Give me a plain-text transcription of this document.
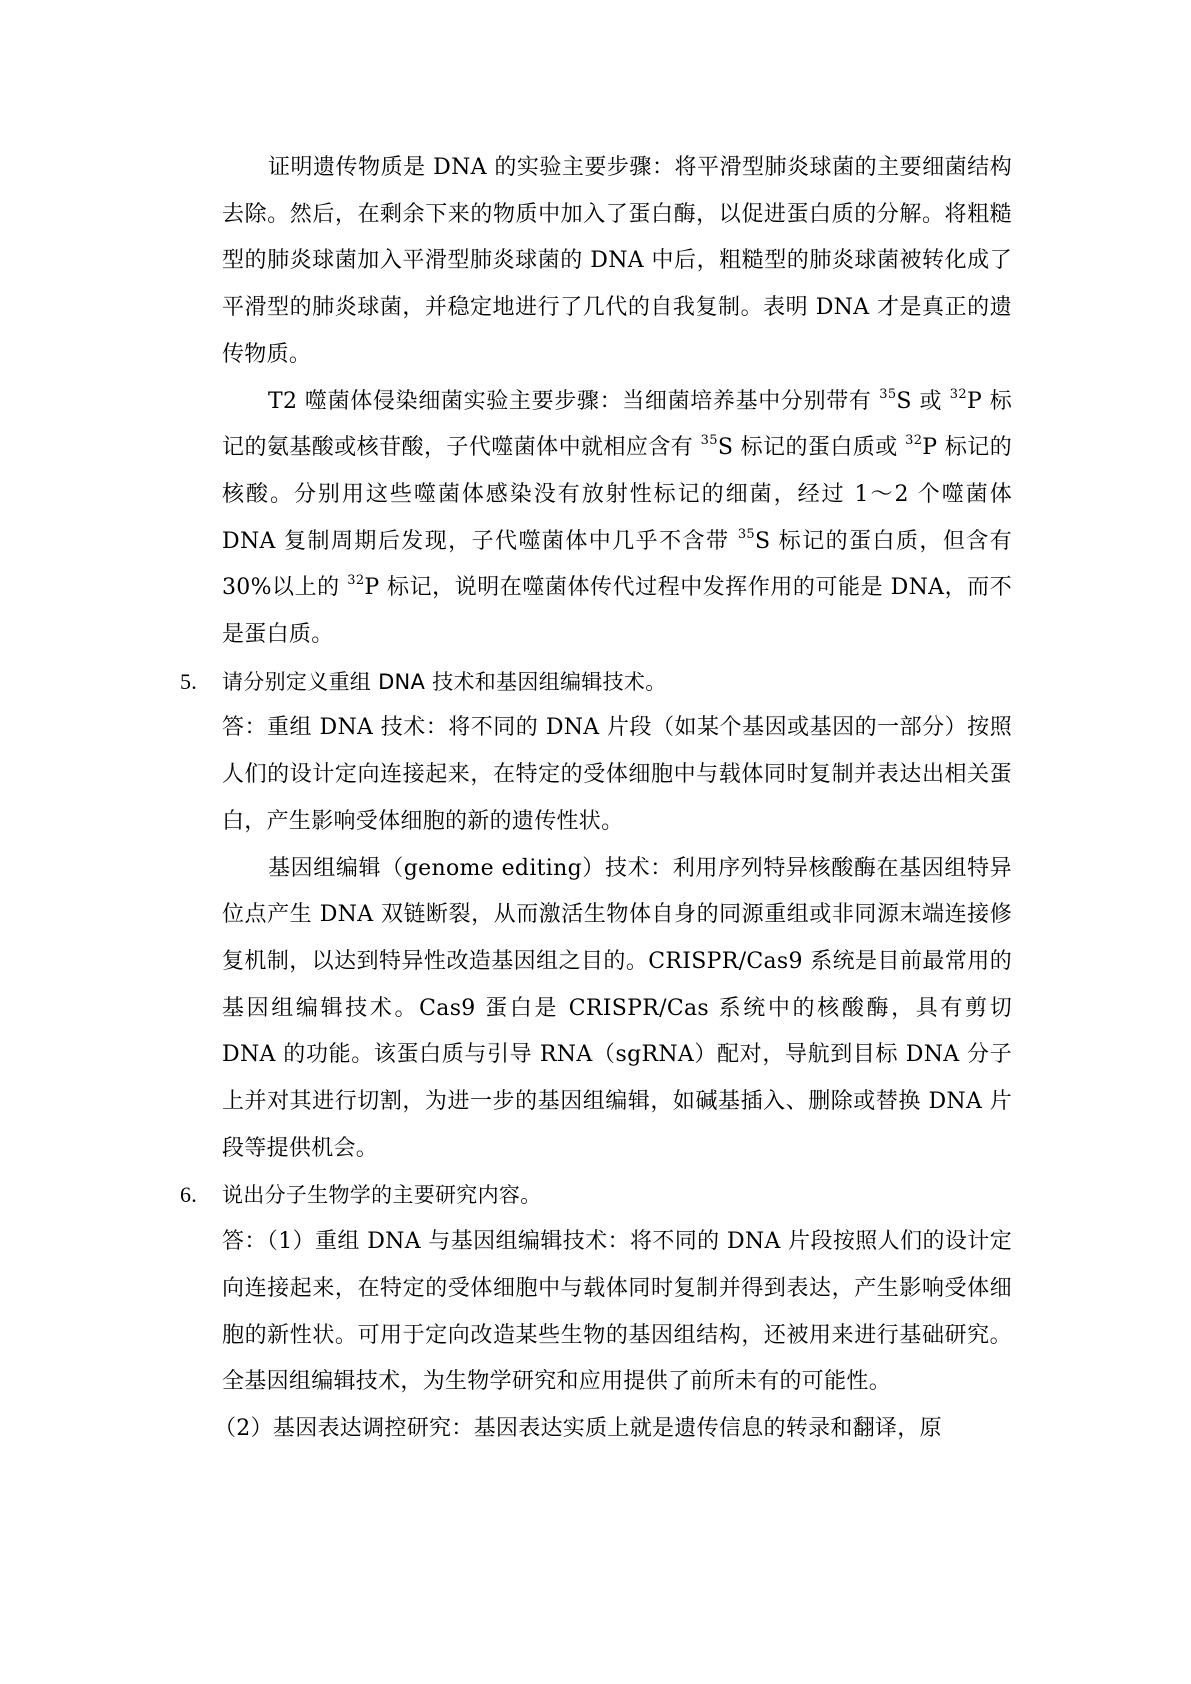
证明遗传物质是 DNA 的实验主要步骤：将平滑型肺炎球菌的主要细菌结构去除。然后，在剩余下来的物质中加入了蛋白酶，以促进蛋白质的分解。将粗糙型的肺炎球菌加入平滑型肺炎球菌的 DNA 中后，粗糙型的肺炎球菌被转化成了平滑型的肺炎球菌，并稳定地进行了几代的自我复制。表明 DNA 才是真正的遗传物质。

T2 噬菌体侵染细菌实验主要步骤：当细菌培养基中分别带有 $^{35}$S 或 $^{32}$P 标记的氨基酸或核苷酸，子代噬菌体中就相应含有 $^{35}$S 标记的蛋白质或 $^{32}$P 标记的核酸。分别用这些噬菌体感染没有放射性标记的细菌，经过 1～2 个噬菌体 DNA 复制周期后发现，子代噬菌体中几乎不含带 $^{35}$S 标记的蛋白质，但含有 30%以上的 $^{32}$P 标记，说明在噬菌体传代过程中发挥作用的可能是 DNA，而不是蛋白质。

5. 请分别定义重组 DNA 技术和基因组编辑技术。

答：重组 DNA 技术：将不同的 DNA 片段（如某个基因或基因的一部分）按照人们的设计定向连接起来，在特定的受体细胞中与载体同时复制并表达出相关蛋白，产生影响受体细胞的新的遗传性状。

基因组编辑（genome editing）技术：利用序列特异核酸酶在基因组特异位点产生 DNA 双链断裂，从而激活生物体自身的同源重组或非同源末端连接修复机制，以达到特异性改造基因组之目的。CRISPR/Cas9 系统是目前最常用的基因组编辑技术。Cas9 蛋白是 CRISPR/Cas 系统中的核酸酶，具有剪切 DNA 的功能。该蛋白质与引导 RNA（sgRNA）配对，导航到目标 DNA 分子上并对其进行切割，为进一步的基因组编辑，如碱基插入、删除或替换 DNA 片段等提供机会。

6. 说出分子生物学的主要研究内容。

答：（1）重组 DNA 与基因组编辑技术：将不同的 DNA 片段按照人们的设计定向连接起来，在特定的受体细胞中与载体同时复制并得到表达，产生影响受体细胞的新性状。可用于定向改造某些生物的基因组结构，还被用来进行基础研究。全基因组编辑技术，为生物学研究和应用提供了前所未有的可能性。

（2）基因表达调控研究：基因表达实质上就是遗传信息的转录和翻译，原
